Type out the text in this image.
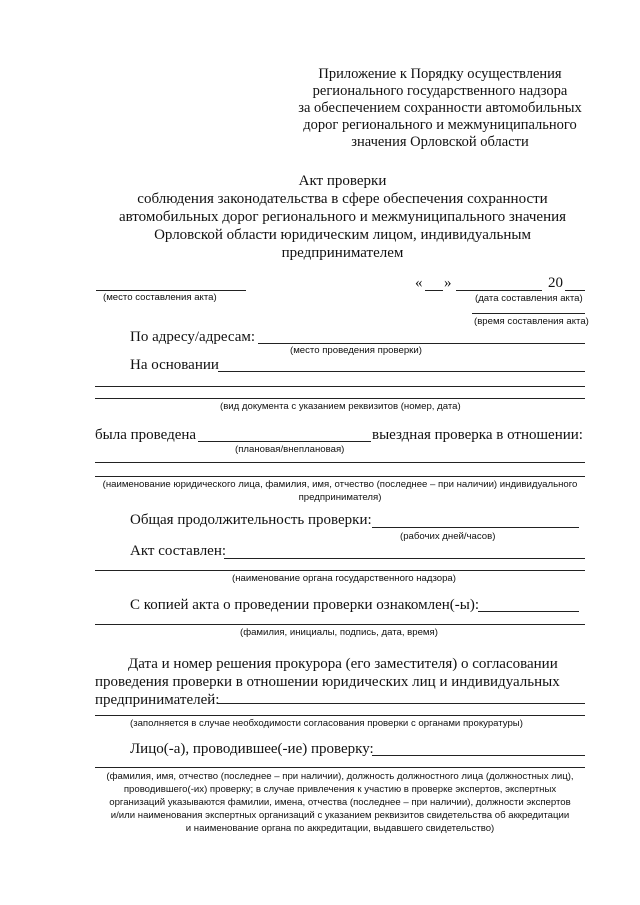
Приложение к Порядку осуществления
регионального государственного надзора
за обеспечением сохранности автомобильных
дорог регионального и межмуниципального
значения Орловской области
Акт проверки
соблюдения законодательства в сфере обеспечения сохранности
автомобильных дорог регионального и межмуниципального значения
Орловской области юридическим лицом, индивидуальным
предпринимателем
(место составления акта)
« »	20
(дата составления акта)
(время составления акта)
По адресу/адресам:
(место проведения проверки)
На основании
(вид документа с указанием реквизитов (номер, дата)
была проведена	выездная проверка в отношении:
(плановая/внеплановая)
(наименование юридического лица, фамилия, имя, отчество (последнее – при наличии) индивидуального
предпринимателя)
Общая продолжительность проверки:
(рабочих дней/часов)
Акт составлен:
(наименование органа государственного надзора)
С копией акта о проведении проверки ознакомлен(-ы):
(фамилия, инициалы, подпись, дата, время)
Дата и номер решения прокурора (его заместителя) о согласовании
проведения проверки в отношении юридических лиц и индивидуальных
предпринимателей:
(заполняется в случае необходимости согласования проверки с органами прокуратуры)
Лицо(-а), проводившее(-ие) проверку:
(фамилия, имя, отчество (последнее – при наличии), должность должностного лица (должностных лиц),
проводившего(-их) проверку; в случае привлечения к участию в проверке экспертов, экспертных
организаций указываются фамилии, имена, отчества (последнее – при наличии), должности экспертов
и/или наименования экспертных организаций с указанием реквизитов свидетельства об аккредитации
и наименование органа по аккредитации, выдавшего свидетельство)
